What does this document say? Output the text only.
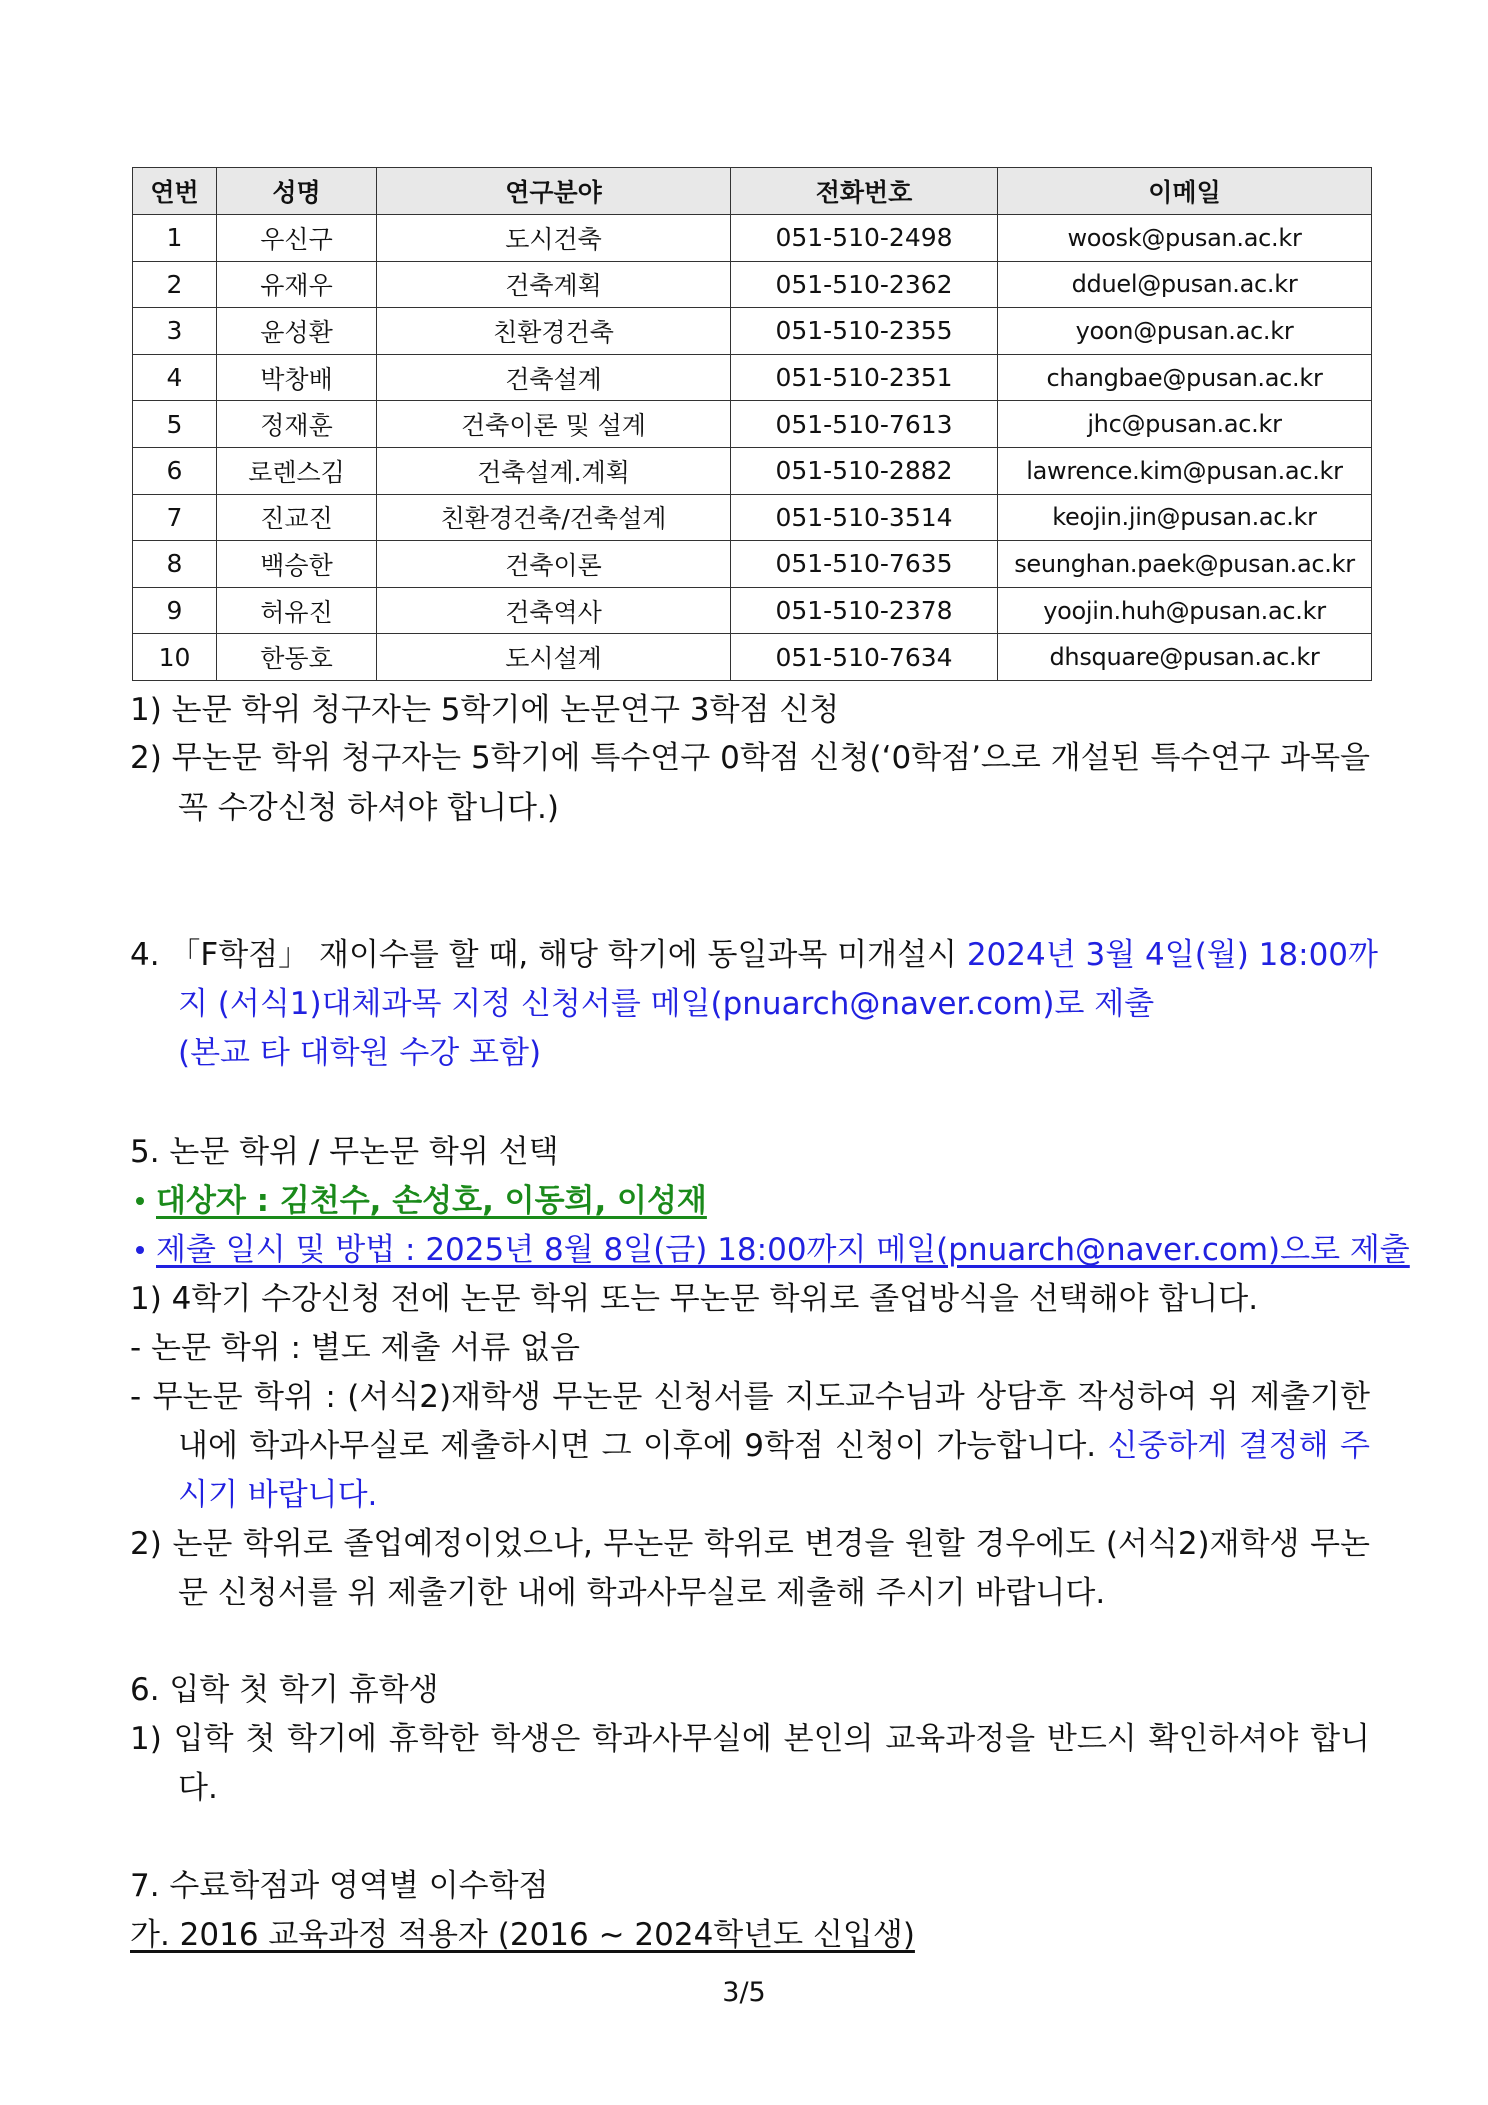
연번	성명	연구분야	전화번호	이메일
1	우신구	도시건축	051-510-2498	woosk@pusan.ac.kr
2	유재우	건축계획	051-510-2362	dduel@pusan.ac.kr
3	윤성환	친환경건축	051-510-2355	yoon@pusan.ac.kr
4	박창배	건축설계	051-510-2351	changbae@pusan.ac.kr
5	정재훈	건축이론 및 설계	051-510-7613	jhc@pusan.ac.kr
6	로렌스김	건축설계.계획	051-510-2882	lawrence.kim@pusan.ac.kr
7	진교진	친환경건축/건축설계	051-510-3514	keojin.jin@pusan.ac.kr
8	백승한	건축이론	051-510-7635	seunghan.paek@pusan.ac.kr
9	허유진	건축역사	051-510-2378	yoojin.huh@pusan.ac.kr
10	한동호	도시설계	051-510-7634	dhsquare@pusan.ac.kr
1) 논문 학위 청구자는 5학기에 논문연구 3학점 신청
2) 무논문 학위 청구자는 5학기에 특수연구 0학점 신청(‘0학점’으로 개설된 특수연구 과목을
꼭 수강신청 하셔야 합니다.)
4. 「F학점」 재이수를 할 때, 해당 학기에 동일과목 미개설시 2024년 3월 4일(월) 18:00까
지 (서식1)대체과목 지정 신청서를 메일(pnuarch@naver.com)로 제출
(본교 타 대학원 수강 포함)
5. 논문 학위 / 무논문 학위 선택
대상자 : 김천수, 손성호, 이동희, 이성재
제출 일시 및 방법 : 2025년 8월 8일(금) 18:00까지 메일(pnuarch@naver.com)으로 제출
1) 4학기 수강신청 전에 논문 학위 또는 무논문 학위로 졸업방식을 선택해야 합니다.
- 논문 학위 : 별도 제출 서류 없음
- 무논문 학위 : (서식2)재학생 무논문 신청서를 지도교수님과 상담후 작성하여 위 제출기한
내에 학과사무실로 제출하시면 그 이후에 9학점 신청이 가능합니다. 신중하게 결정해 주
시기 바랍니다.
2) 논문 학위로 졸업예정이었으나, 무논문 학위로 변경을 원할 경우에도 (서식2)재학생 무논
문 신청서를 위 제출기한 내에 학과사무실로 제출해 주시기 바랍니다.
6. 입학 첫 학기 휴학생
1) 입학 첫 학기에 휴학한 학생은 학과사무실에 본인의 교육과정을 반드시 확인하셔야 합니
다.
7. 수료학점과 영역별 이수학점
가. 2016 교육과정 적용자 (2016 ~ 2024학년도 신입생)
3/5
